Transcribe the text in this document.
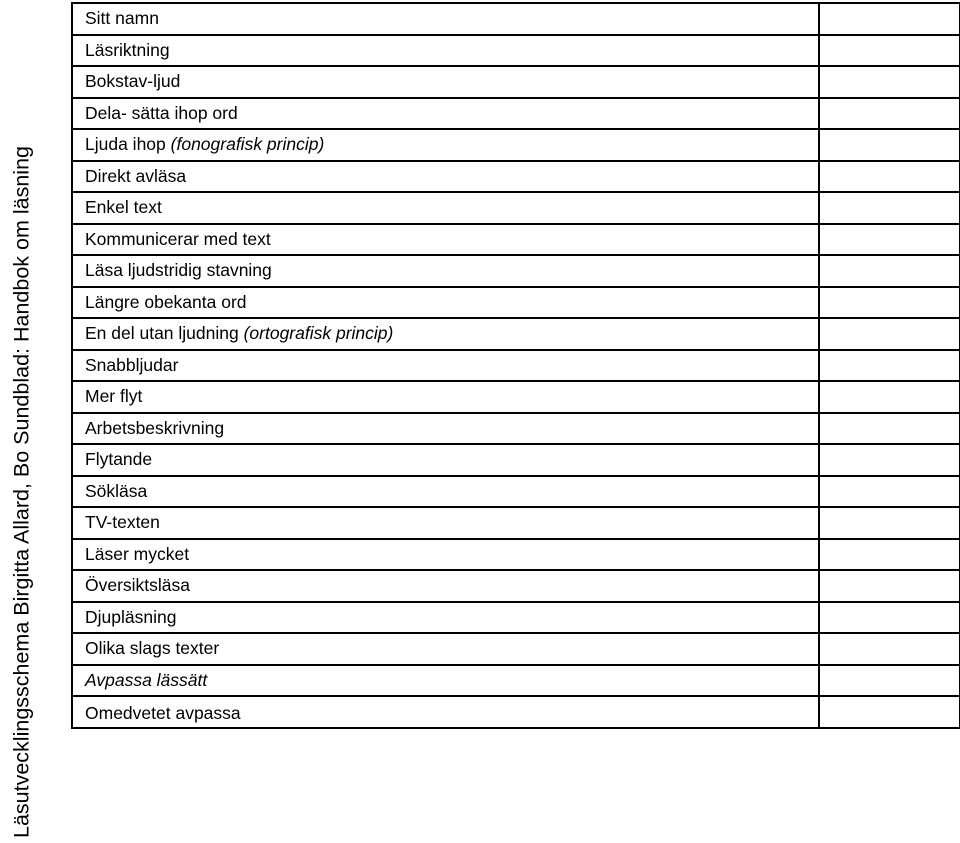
Läsutvecklingsschema Birgitta Allard, Bo Sundblad: Handbok om läsning
Sitt namn	
Läsriktning	
Bokstav-ljud	
Dela- sätta ihop ord	
Ljuda ihop (fonografisk princip)	
Direkt avläsa	
Enkel text	
Kommunicerar med text	
Läsa ljudstridig stavning	
Längre obekanta ord	
En del utan ljudning (ortografisk princip)	
Snabbljudar	
Mer flyt	
Arbetsbeskrivning	
Flytande	
Sökläsa	
TV-texten	
Läser mycket	
Översiktsläsa	
Djupläsning	
Olika slags texter	
Avpassa lässätt	
Omedvetet avpassa	
